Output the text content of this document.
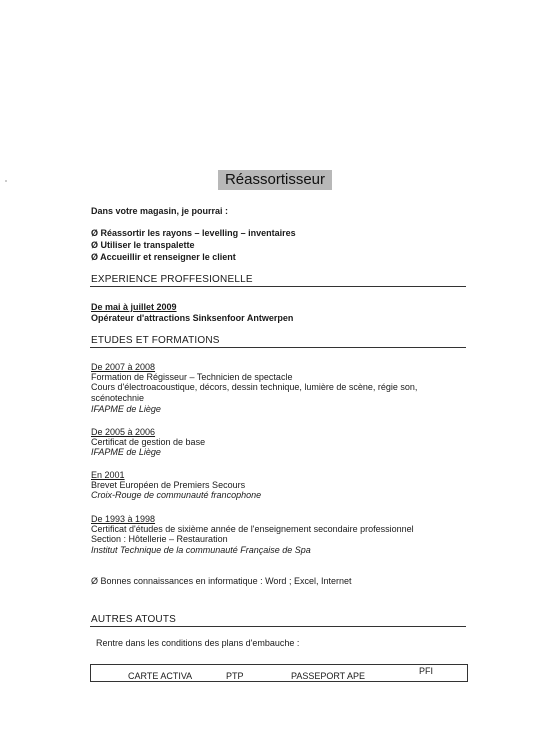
Réassortisseur
Dans votre magasin, je pourrai :
Ø Réassortir les rayons – levelling – inventaires
Ø Utiliser le transpalette
Ø Accueillir et renseigner le client
EXPERIENCE PROFFESIONELLE
De mai à juillet 2009
Opérateur d'attractions Sinksenfoor Antwerpen
ETUDES ET FORMATIONS
De 2007 à 2008
Formation de Régisseur – Technicien de spectacle
Cours d'électroacoustique, décors, dessin technique, lumière de scène, régie son,
scénotechnie
IFAPME de Liège
De 2005 à 2006
Certificat de gestion de base
IFAPME de Liège
En 2001
Brevet Européen de Premiers Secours
Croix-Rouge de communauté francophone
De 1993 à 1998
Certificat d'études de sixième année de l'enseignement secondaire professionnel
Section : Hôtellerie – Restauration
Institut Technique de la communauté Française de Spa
Ø Bonnes connaissances en informatique : Word ; Excel, Internet
AUTRES ATOUTS
Rentre dans les conditions des plans d'embauche :
CARTE ACTIVA	PTP	PASSEPORT APE	PFI
